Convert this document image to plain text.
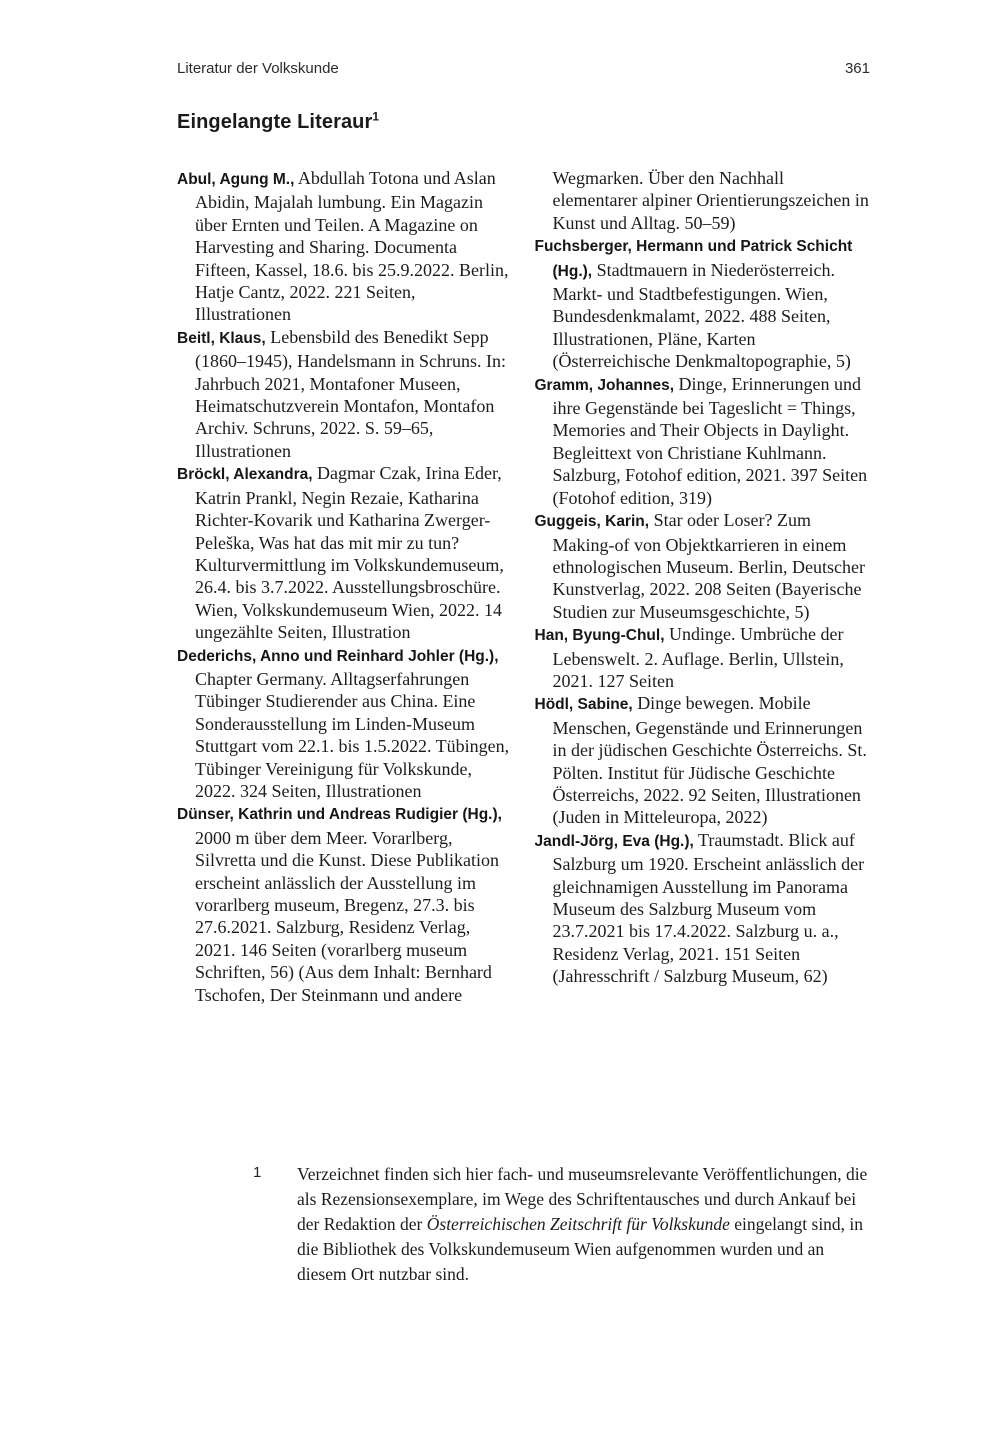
Literatur der Volkskunde	361
Eingelangte Literaur$^1$

Abul, Agung M., Abdullah Totona und Aslan Abidin, Majalah lumbung. Ein Magazin über Ernten und Teilen. A Magazine on Harvesting and Sharing. Documenta Fifteen, Kassel, 18.6. bis 25.9.2022. Berlin, Hatje Cantz, 2022. 221 Seiten, Illustrationen

Beitl, Klaus, Lebensbild des Benedikt Sepp (1860–1945), Handelsmann in Schruns. In: Jahrbuch 2021, Montafoner Museen, Heimatschutzverein Montafon, Montafon Archiv. Schruns, 2022. S. 59–65, Illustrationen

Bröckl, Alexandra, Dagmar Czak, Irina Eder, Katrin Prankl, Negin Rezaie, Katharina Richter-Kovarik und Katharina Zwerger-Peleška, Was hat das mit mir zu tun? Kulturvermittlung im Volkskundemuseum, 26.4. bis 3.7.2022. Ausstellungsbroschüre. Wien, Volkskundemuseum Wien, 2022. 14 ungezählte Seiten, Illustration

Dederichs, Anno und Reinhard Johler (Hg.), Chapter Germany. Alltagserfahrungen Tübinger Studierender aus China. Eine Sonderausstellung im Linden-Museum Stuttgart vom 22.1. bis 1.5.2022. Tübingen, Tübinger Vereinigung für Volkskunde, 2022. 324 Seiten, Illustrationen

Dünser, Kathrin und Andreas Rudigier (Hg.), 2000 m über dem Meer. Vorarlberg, Silvretta und die Kunst. Diese Publikation erscheint anlässlich der Ausstellung im vorarlberg museum, Bregenz, 27.3. bis 27.6.2021. Salzburg, Residenz Verlag, 2021. 146 Seiten (vorarlberg museum Schriften, 56) (Aus dem Inhalt: Bernhard Tschofen, Der Steinmann und andere

Wegmarken. Über den Nachhall elementarer alpiner Orientierungszeichen in Kunst und Alltag. 50–59)

Fuchsberger, Hermann und Patrick Schicht (Hg.), Stadtmauern in Niederösterreich. Markt- und Stadtbefestigungen. Wien, Bundesdenkmalamt, 2022. 488 Seiten, Illustrationen, Pläne, Karten (Österreichische Denkmaltopographie, 5)

Gramm, Johannes, Dinge, Erinnerungen und ihre Gegenstände bei Tageslicht = Things, Memories and Their Objects in Daylight. Begleittext von Christiane Kuhlmann. Salzburg, Fotohof edition, 2021. 397 Seiten (Fotohof edition, 319)

Guggeis, Karin, Star oder Loser? Zum Making-of von Objektkarrieren in einem ethnologischen Museum. Berlin, Deutscher Kunstverlag, 2022. 208 Seiten (Bayerische Studien zur Museumsgeschichte, 5)

Han, Byung-Chul, Undinge. Umbrüche der Lebenswelt. 2. Auflage. Berlin, Ullstein, 2021. 127 Seiten

Hödl, Sabine, Dinge bewegen. Mobile Menschen, Gegenstände und Erinnerungen in der jüdischen Geschichte Österreichs. St. Pölten. Institut für Jüdische Geschichte Österreichs, 2022. 92 Seiten, Illustrationen (Juden in Mitteleuropa, 2022)

Jandl-Jörg, Eva (Hg.), Traumstadt. Blick auf Salzburg um 1920. Erscheint anlässlich der gleichnamigen Ausstellung im Panorama Museum des Salzburg Museum vom 23.7.2021 bis 17.4.2022. Salzburg u. a., Residenz Verlag, 2021. 151 Seiten (Jahresschrift / Salzburg Museum, 62)

1	Verzeichnet finden sich hier fach- und museumsrelevante Veröffentlichungen, die als Rezensionsexemplare, im Wege des Schriftentausches und durch Ankauf bei der Redaktion der Österreichischen Zeitschrift für Volkskunde eingelangt sind, in die Bibliothek des Volkskundemuseum Wien aufgenommen wurden und an diesem Ort nutzbar sind.
